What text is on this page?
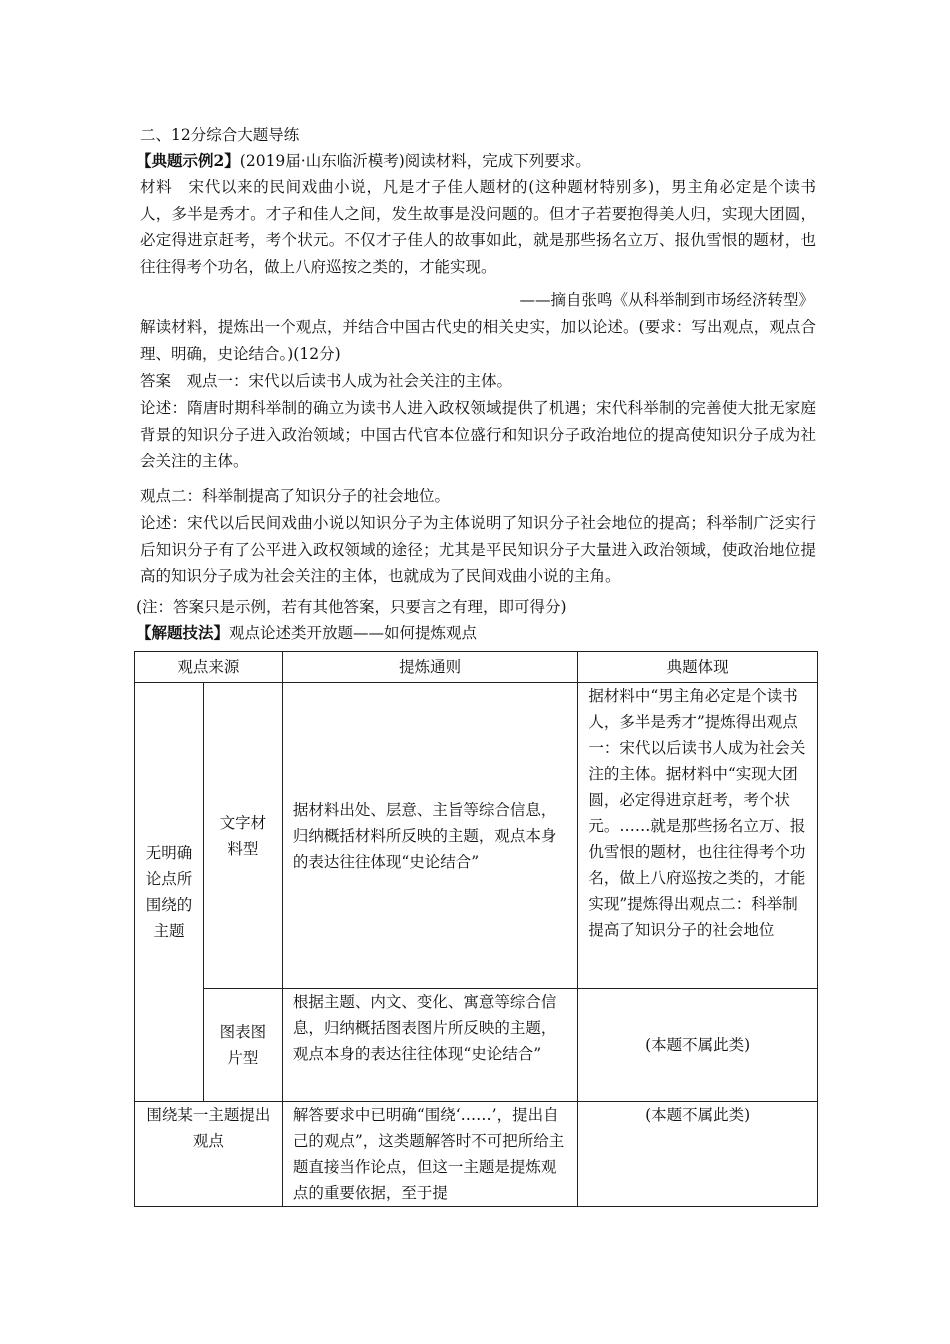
二、12分综合大题导练
【典题示例2】(2019届·山东临沂模考)阅读材料，完成下列要求。
材料　 宋代以来的民间戏曲小说，凡是才子佳人题材的(这种题材特别多)，男主角必定是个读书人，多半是秀才。才子和佳人之间，发生故事是没问题的。但才子若要抱得美人归，实现大团圆，必定得进京赶考，考个状元。不仅才子佳人的故事如此，就是那些扬名立万、报仇雪恨的题材，也往往得考个功名，做上八府巡按之类的，才能实现。
——摘自张鸣《从科举制到市场经济转型》
解读材料，提炼出一个观点，并结合中国古代史的相关史实，加以论述。(要求：写出观点，观点合理、明确，史论结合。)(12分)
答案　 观点一：宋代以后读书人成为社会关注的主体。
论述：隋唐时期科举制的确立为读书人进入政权领域提供了机遇；宋代科举制的完善使大批无家庭背景的知识分子进入政治领域；中国古代官本位盛行和知识分子政治地位的提高使知识分子成为社会关注的主体。
观点二：科举制提高了知识分子的社会地位。
论述：宋代以后民间戏曲小说以知识分子为主体说明了知识分子社会地位的提高；科举制广泛实行后知识分子有了公平进入政权领域的途径；尤其是平民知识分子大量进入政治领域，使政治地位提高的知识分子成为社会关注的主体，也就成为了民间戏曲小说的主角。
(注：答案只是示例，若有其他答案，只要言之有理，即可得分)
【解题技法】观点论述类开放题——如何提炼观点
观点来源		提炼通则	典题体现
无明确论点所围绕的主题	文字材料型	据材料出处、层意、主旨等综合信息，归纳概括材料所反映的主题，观点本身的表达往往体现“史论结合”	据材料中“男主角必定是个读书人，多半是秀才”提炼得出观点一：宋代以后读书人成为社会关注的主体。据材料中“实现大团圆，必定得进京赶考，考个状元。……就是那些扬名立万、报仇雪恨的题材，也往往得考个功名，做上八府巡按之类的，才能实现”提炼得出观点二：科举制提高了知识分子的社会地位
	图表图片型	根据主题、内文、变化、寓意等综合信息，归纳概括图表图片所反映的主题，观点本身的表达往往体现“史论结合”	(本题不属此类)
围绕某一主题提出观点		解答要求中已明确“围绕‘……’，提出自己的观点”，这类题解答时不可把所给主题直接当作论点，但这一主题是提炼观点的重要依据，至于提	(本题不属此类)
